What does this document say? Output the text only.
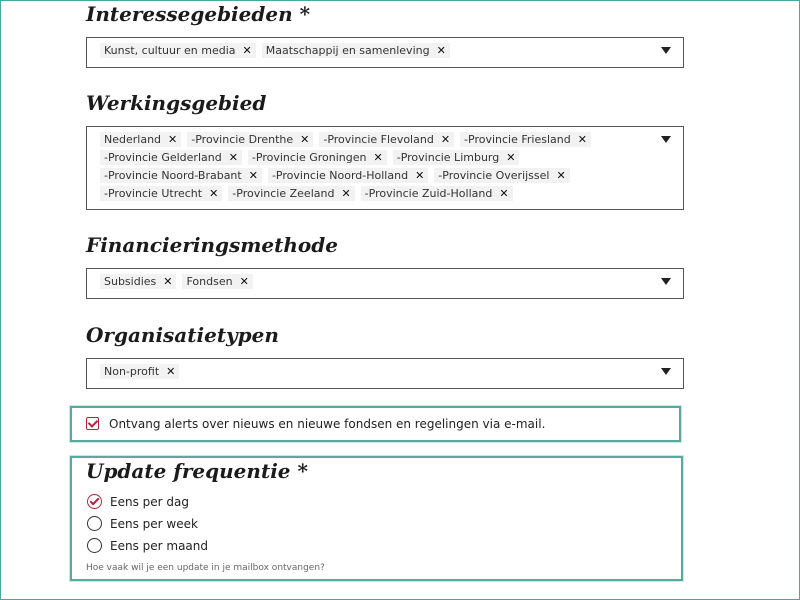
Interessegebieden *
Kunst, cultuur en media ✕ Maatschappij en samenleving ✕
Werkingsgebied
Nederland ✕ -Provincie Drenthe ✕ -Provincie Flevoland ✕ -Provincie Friesland ✕
-Provincie Gelderland ✕ -Provincie Groningen ✕ -Provincie Limburg ✕
-Provincie Noord-Brabant ✕ -Provincie Noord-Holland ✕ -Provincie Overijssel ✕
-Provincie Utrecht ✕ -Provincie Zeeland ✕ -Provincie Zuid-Holland ✕
Financieringsmethode
Subsidies ✕ Fondsen ✕
Organisatietypen
Non-profit ✕
Ontvang alerts over nieuws en nieuwe fondsen en regelingen via e-mail.
Update frequentie *
Eens per dag
Eens per week
Eens per maand
Hoe vaak wil je een update in je mailbox ontvangen?
